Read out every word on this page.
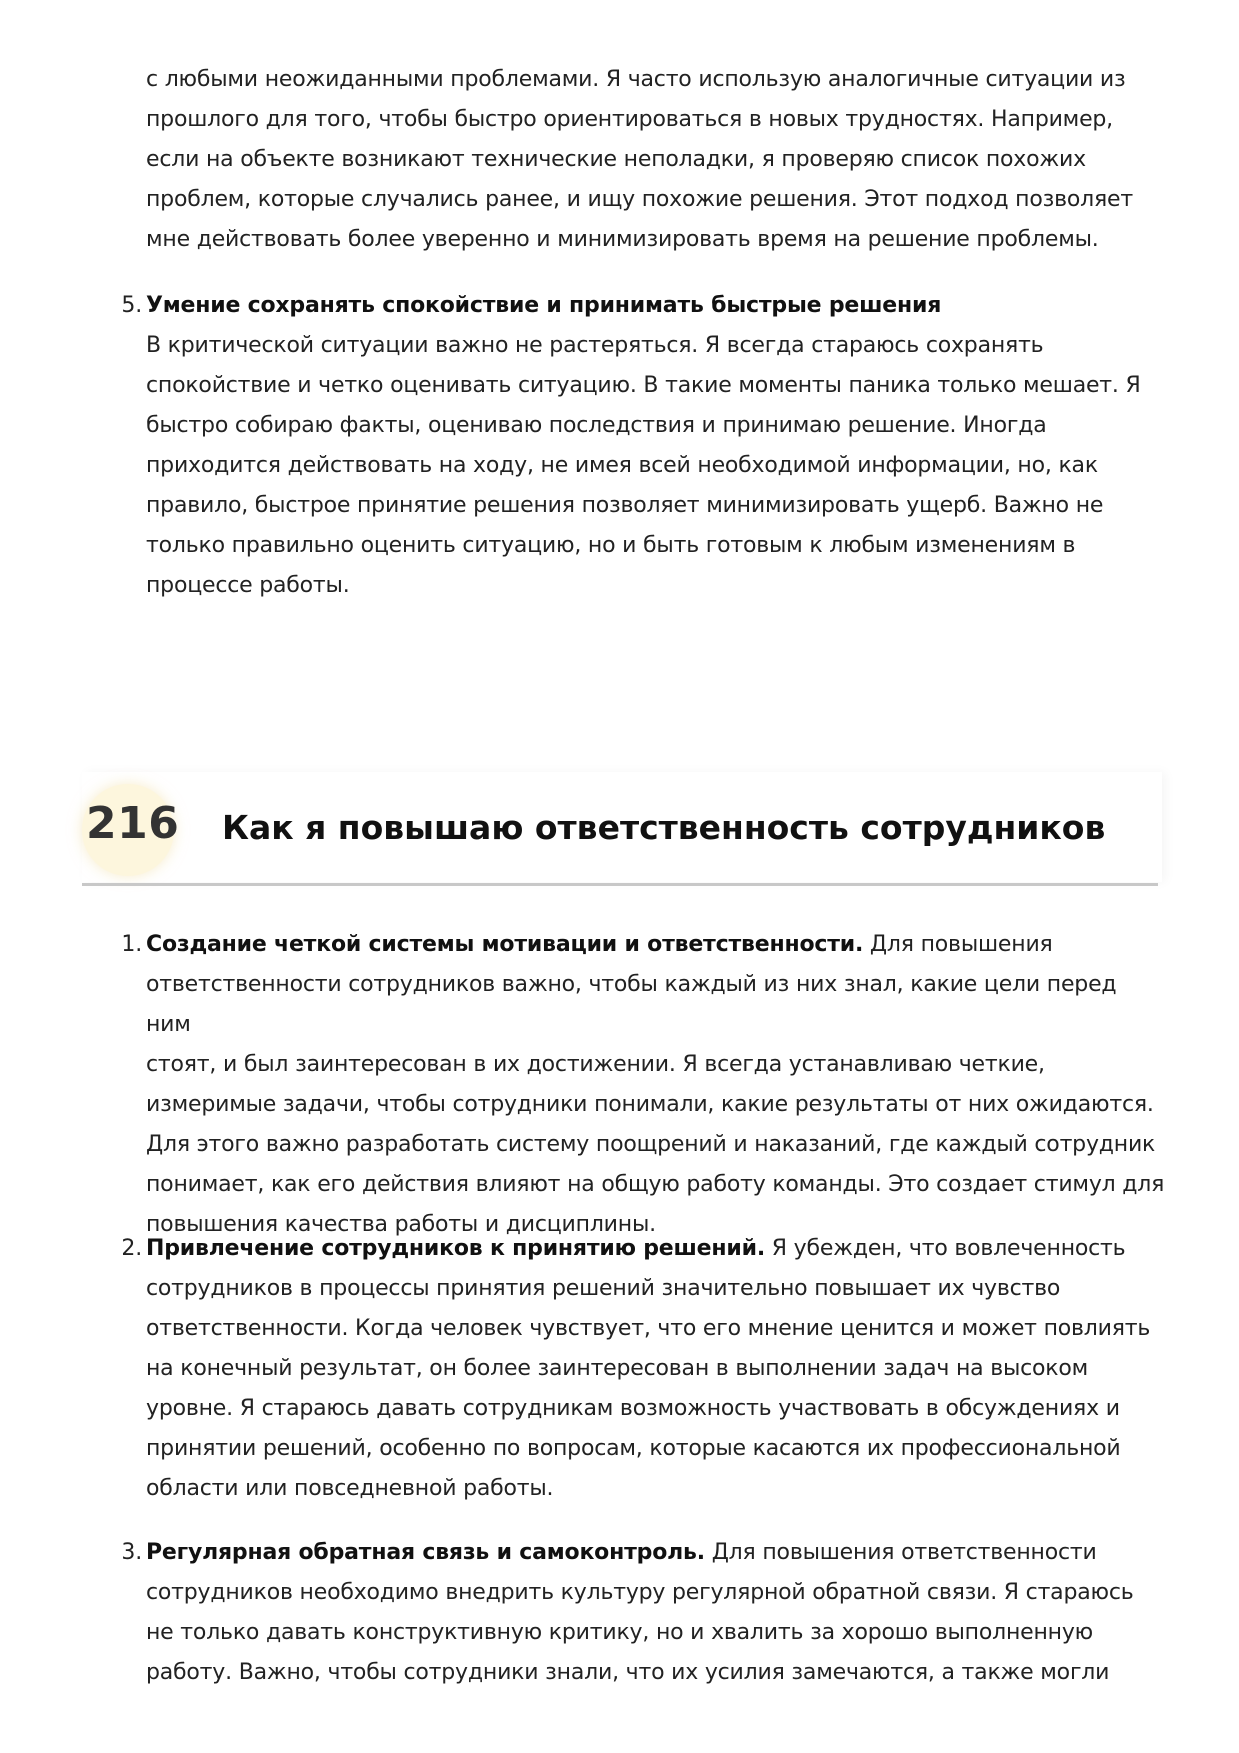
с любыми неожиданными проблемами. Я часто использую аналогичные ситуации из
прошлого для того, чтобы быстро ориентироваться в новых трудностях. Например,
если на объекте возникают технические неполадки, я проверяю список похожих
проблем, которые случались ранее, и ищу похожие решения. Этот подход позволяет
мне действовать более уверенно и минимизировать время на решение проблемы.
5. Умение сохранять спокойствие и принимать быстрые решения
В критической ситуации важно не растеряться. Я всегда стараюсь сохранять
спокойствие и четко оценивать ситуацию. В такие моменты паника только мешает. Я
быстро собираю факты, оцениваю последствия и принимаю решение. Иногда
приходится действовать на ходу, не имея всей необходимой информации, но, как
правило, быстрое принятие решения позволяет минимизировать ущерб. Важно не
только правильно оценить ситуацию, но и быть готовым к любым изменениям в
процессе работы.
216 Как я повышаю ответственность сотрудников
1. Создание четкой системы мотивации и ответственности. Для повышения
ответственности сотрудников важно, чтобы каждый из них знал, какие цели перед ним
стоят, и был заинтересован в их достижении. Я всегда устанавливаю четкие,
измеримые задачи, чтобы сотрудники понимали, какие результаты от них ожидаются.
Для этого важно разработать систему поощрений и наказаний, где каждый сотрудник
понимает, как его действия влияют на общую работу команды. Это создает стимул для
повышения качества работы и дисциплины.
2. Привлечение сотрудников к принятию решений. Я убежден, что вовлеченность
сотрудников в процессы принятия решений значительно повышает их чувство
ответственности. Когда человек чувствует, что его мнение ценится и может повлиять
на конечный результат, он более заинтересован в выполнении задач на высоком
уровне. Я стараюсь давать сотрудникам возможность участвовать в обсуждениях и
принятии решений, особенно по вопросам, которые касаются их профессиональной
области или повседневной работы.
3. Регулярная обратная связь и самоконтроль. Для повышения ответственности
сотрудников необходимо внедрить культуру регулярной обратной связи. Я стараюсь
не только давать конструктивную критику, но и хвалить за хорошо выполненную
работу. Важно, чтобы сотрудники знали, что их усилия замечаются, а также могли
